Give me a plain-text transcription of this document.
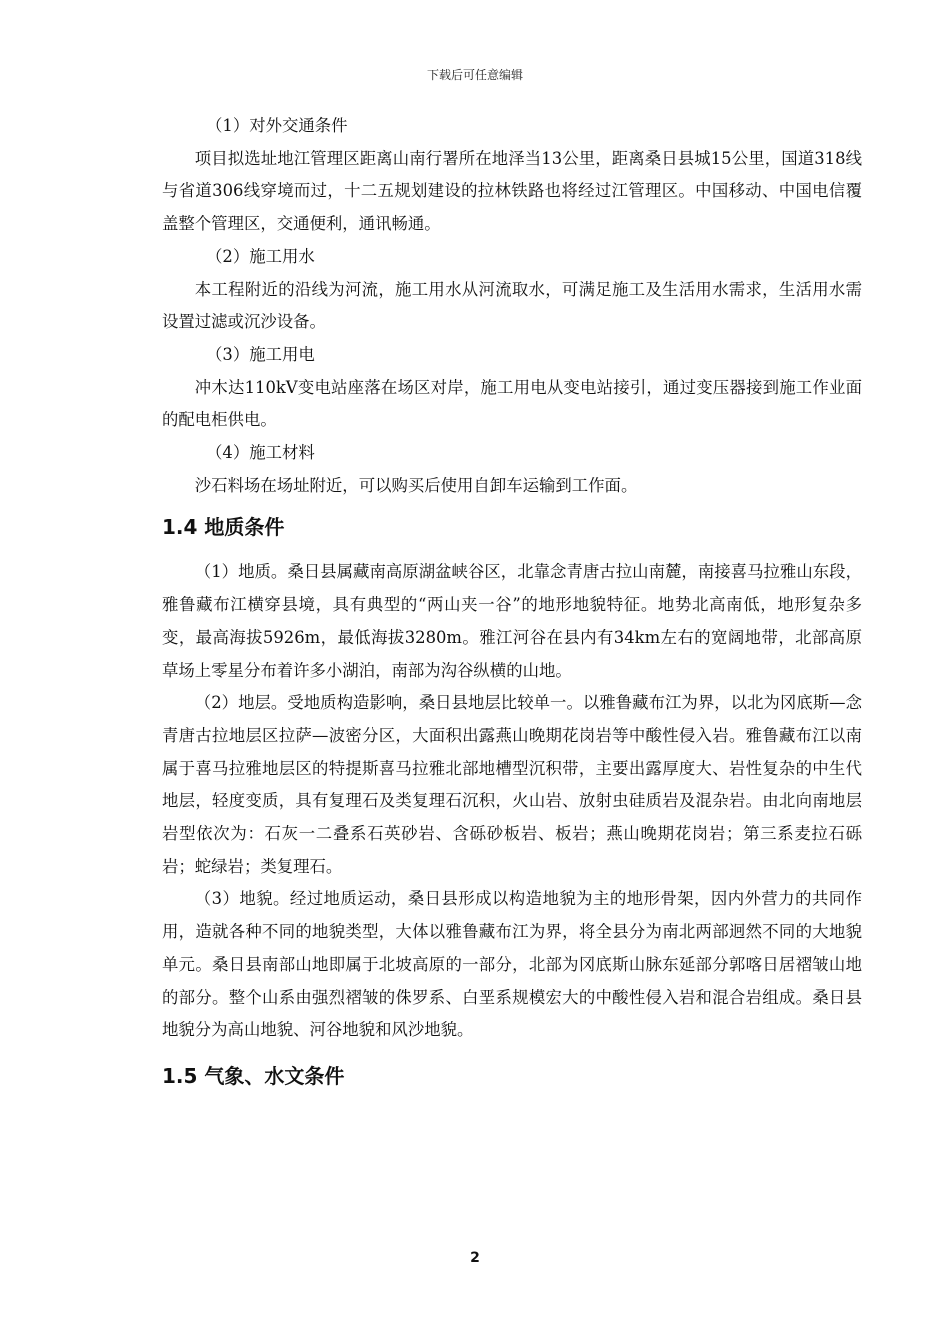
下载后可任意编辑

（1）对外交通条件

项目拟选址地江管理区距离山南行署所在地泽当13公里，距离桑日县城15公里，国道318线与省道306线穿境而过，十二五规划建设的拉林铁路也将经过江管理区。中国移动、中国电信覆盖整个管理区，交通便利，通讯畅通。

（2）施工用水

本工程附近的沿线为河流，施工用水从河流取水，可满足施工及生活用水需求，生活用水需设置过滤或沉沙设备。

（3）施工用电

冲木达110kV变电站座落在场区对岸，施工用电从变电站接引，通过变压器接到施工作业面的配电柜供电。

（4）施工材料

沙石料场在场址附近，可以购买后使用自卸车运输到工作面。

1.4 地质条件

（1）地质。桑日县属藏南高原湖盆峡谷区，北靠念青唐古拉山南麓，南接喜马拉雅山东段，雅鲁藏布江横穿县境，具有典型的“两山夹一谷”的地形地貌特征。地势北高南低，地形复杂多变，最高海拔5926m，最低海拔3280m。雅江河谷在县内有34km左右的宽阔地带，北部高原草场上零星分布着许多小湖泊，南部为沟谷纵横的山地。

（2）地层。受地质构造影响，桑日县地层比较单一。以雅鲁藏布江为界，以北为冈底斯—念青唐古拉地层区拉萨—波密分区，大面积出露燕山晚期花岗岩等中酸性侵入岩。雅鲁藏布江以南属于喜马拉雅地层区的特提斯喜马拉雅北部地槽型沉积带，主要出露厚度大、岩性复杂的中生代地层，轻度变质，具有复理石及类复理石沉积，火山岩、放射虫硅质岩及混杂岩。由北向南地层岩型依次为：石灰一二叠系石英砂岩、含砾砂板岩、板岩；燕山晚期花岗岩；第三系麦拉石砾岩；蛇绿岩；类复理石。

（3）地貌。经过地质运动，桑日县形成以构造地貌为主的地形骨架，因内外营力的共同作用，造就各种不同的地貌类型，大体以雅鲁藏布江为界，将全县分为南北两部迥然不同的大地貌单元。桑日县南部山地即属于北坡高原的一部分，北部为冈底斯山脉东延部分郭喀日居褶皱山地的部分。整个山系由强烈褶皱的侏罗系、白垩系规模宏大的中酸性侵入岩和混合岩组成。桑日县地貌分为高山地貌、河谷地貌和风沙地貌。

1.5 气象、水文条件
2
